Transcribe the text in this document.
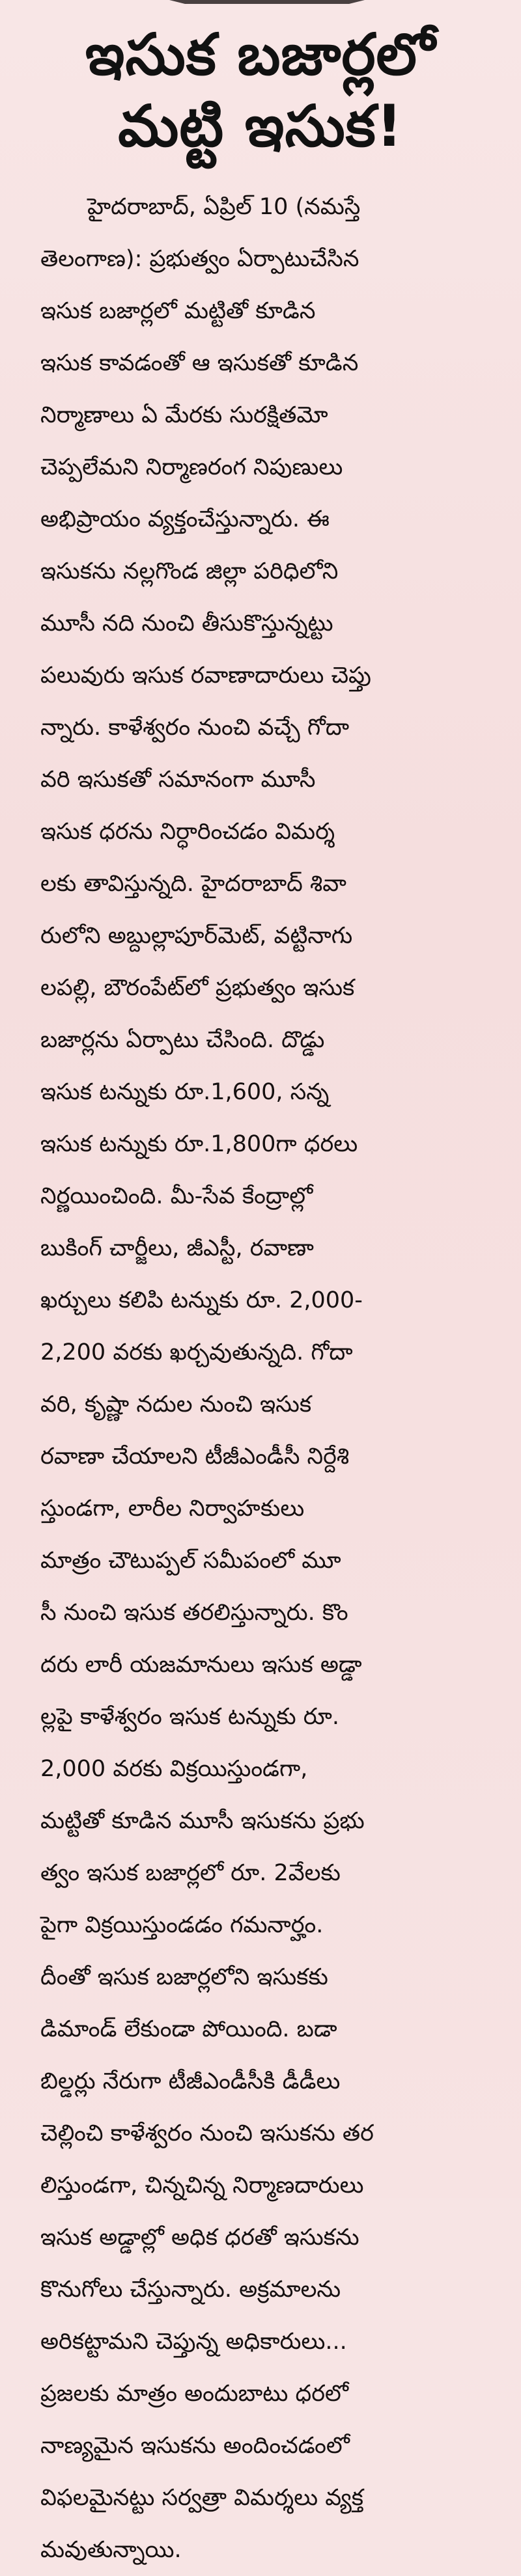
ఇసుక బజార్లలో
మట్టి ఇసుక!
హైదరాబాద్, ఏప్రిల్ 10 (నమస్తే
తెలంగాణ): ప్రభుత్వం ఏర్పాటుచేసిన
ఇసుక బజార్లలో మట్టితో కూడిన
ఇసుక కావడంతో ఆ ఇసుకతో కూడిన
నిర్మాణాలు ఏ మేరకు సురక్షితమో
చెప్పలేమని నిర్మాణరంగ నిపుణులు
అభిప్రాయం వ్యక్తంచేస్తున్నారు. ఈ
ఇసుకను నల్లగొండ జిల్లా పరిధిలోని
మూసీ నది నుంచి తీసుకొస్తున్నట్టు
పలువురు ఇసుక రవాణాదారులు చెప్తు
న్నారు. కాళేశ్వరం నుంచి వచ్చే గోదా
వరి ఇసుకతో సమానంగా మూసీ
ఇసుక ధరను నిర్ధారించడం విమర్శ
లకు తావిస్తున్నది. హైదరాబాద్ శివా
రులోని అబ్దుల్లాపూర్‌మెట్, వట్టినాగు
లపల్లి, బౌరంపేట్‌లో ప్రభుత్వం ఇసుక
బజార్లను ఏర్పాటు చేసింది. దొడ్డు
ఇసుక టన్నుకు రూ.1,600, సన్న
ఇసుక టన్నుకు రూ.1,800గా ధరలు
నిర్ణయించింది. మీ-సేవ కేంద్రాల్లో
బుకింగ్ చార్జీలు, జీఎస్టీ, రవాణా
ఖర్చులు కలిపి టన్నుకు రూ. 2,000-
2,200 వరకు ఖర్చవుతున్నది. గోదా
వరి, కృష్ణా నదుల నుంచి ఇసుక
రవాణా చేయాలని టీజీఎండీసీ నిర్దేశి
స్తుండగా, లారీల నిర్వాహకులు
మాత్రం చౌటుప్పల్ సమీపంలో మూ
సీ నుంచి ఇసుక తరలిస్తున్నారు. కొం
దరు లారీ యజమానులు ఇసుక అడ్డా
ల్లపై కాళేశ్వరం ఇసుక టన్నుకు రూ.
2,000 వరకు విక్రయిస్తుండగా,
మట్టితో కూడిన మూసీ ఇసుకను ప్రభు
త్వం ఇసుక బజార్లలో రూ. 2వేలకు
పైగా విక్రయిస్తుండడం గమనార్హం.
దీంతో ఇసుక బజార్లలోని ఇసుకకు
డిమాండ్ లేకుండా పోయింది. బడా
బిల్డర్లు నేరుగా టీజీఎండీసీకి డీడీలు
చెల్లించి కాళేశ్వరం నుంచి ఇసుకను తర
లిస్తుండగా, చిన్నచిన్న నిర్మాణదారులు
ఇసుక అడ్డాల్లో అధిక ధరతో ఇసుకను
కొనుగోలు చేస్తున్నారు. అక్రమాలను
అరికట్టామని చెప్తున్న అధికారులు...
ప్రజలకు మాత్రం అందుబాటు ధరలో
నాణ్యమైన ఇసుకను అందించడంలో
విఫలమైనట్టు సర్వత్రా విమర్శలు వ్యక్త
మవుతున్నాయి.
